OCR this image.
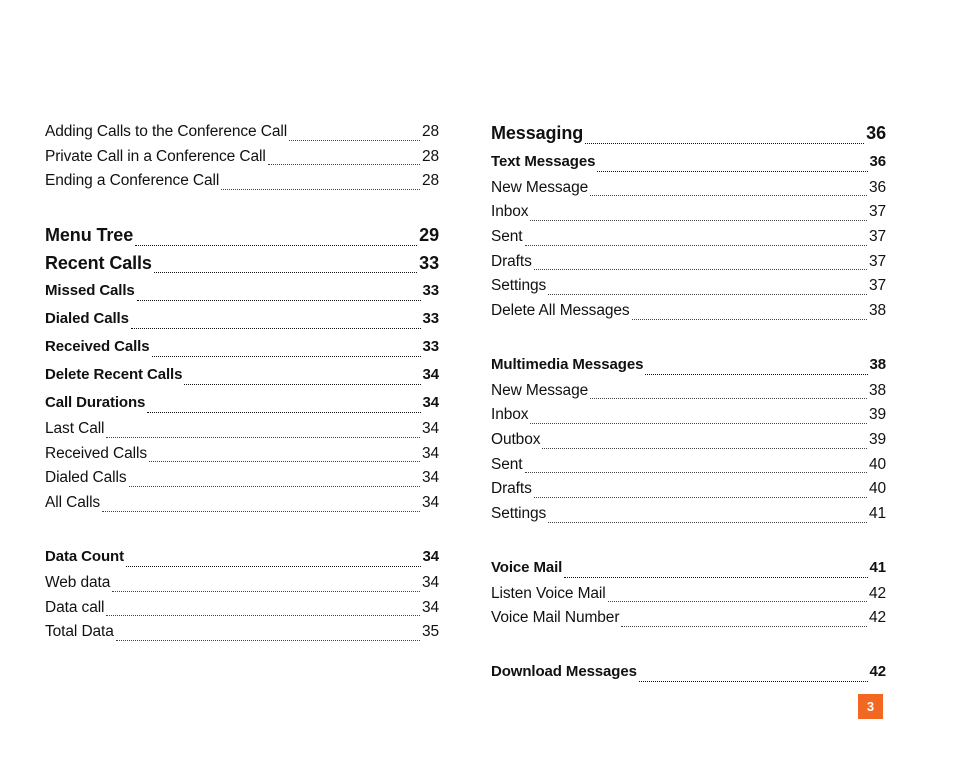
Adding Calls to the Conference Call	28
Private Call in a Conference Call	28
Ending a Conference Call	28
Menu Tree	29
Recent Calls	33
Missed Calls	33
Dialed Calls	33
Received Calls	33
Delete Recent Calls	34
Call Durations	34
Last Call	34
Received Calls	34
Dialed Calls	34
All Calls	34
Data Count	34
Web data	34
Data call	34
Total Data	35
Messaging	36
Text Messages	36
New Message	36
Inbox	37
Sent	37
Drafts	37
Settings	37
Delete All Messages	38
Multimedia Messages	38
New Message	38
Inbox	39
Outbox	39
Sent	40
Drafts	40
Settings	41
Voice Mail	41
Listen Voice Mail	42
Voice Mail Number	42
Download Messages	42
3
